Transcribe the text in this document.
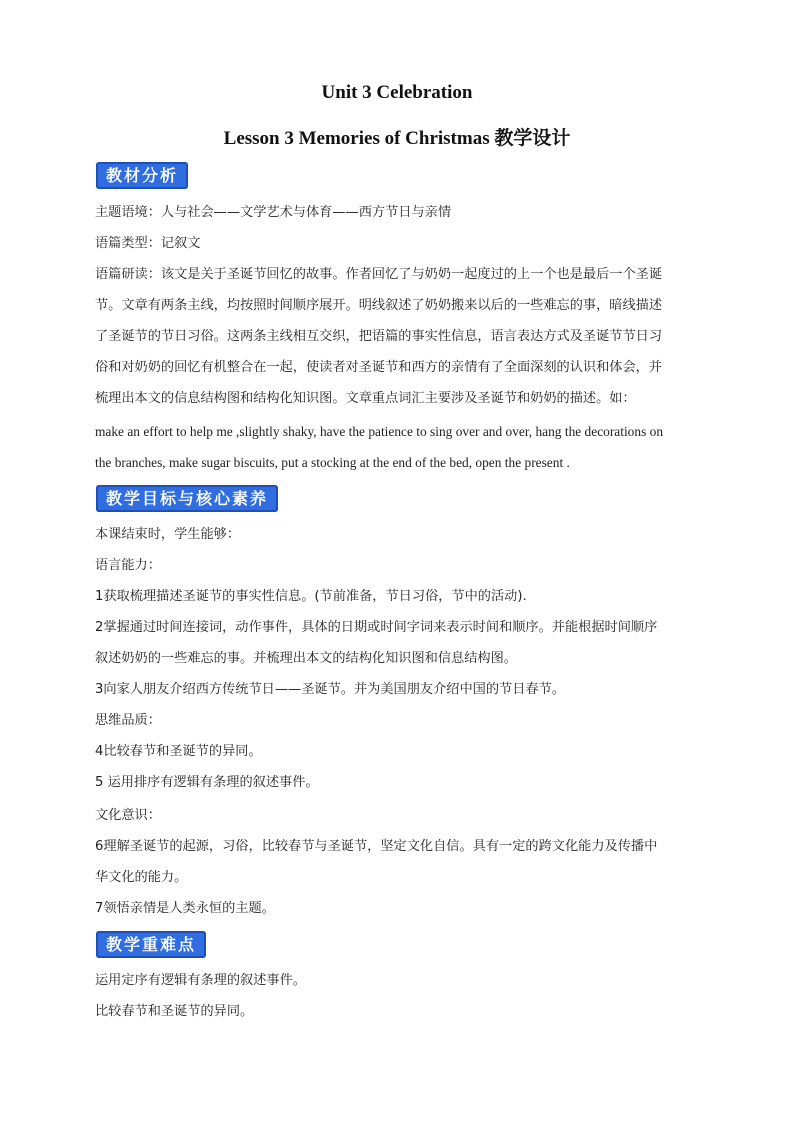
Unit 3 Celebration
Lesson 3 Memories of Christmas 教学设计
教材分析
主题语境：人与社会——文学艺术与体育——西方节日与亲情
语篇类型：记叙文
语篇研读：该文是关于圣诞节回忆的故事。作者回忆了与奶奶一起度过的上一个也是最后一个圣诞
节。文章有两条主线，均按照时间顺序展开。明线叙述了奶奶搬来以后的一些难忘的事，暗线描述
了圣诞节的节日习俗。这两条主线相互交织，把语篇的事实性信息，语言表达方式及圣诞节节日习
俗和对奶奶的回忆有机整合在一起，使读者对圣诞节和西方的亲情有了全面深刻的认识和体会，并
梳理出本文的信息结构图和结构化知识图。文章重点词汇主要涉及圣诞节和奶奶的描述。如：
make an effort to help me ,slightly shaky, have the patience to sing over and over, hang the decorations on
the branches, make sugar biscuits, put a stocking at the end of the bed, open the present .
教学目标与核心素养
本课结束时，学生能够：
语言能力：
1获取梳理描述圣诞节的事实性信息。(节前准备，节日习俗，节中的活动).
2掌握通过时间连接词，动作事件，具体的日期或时间字词来表示时间和顺序。并能根据时间顺序
叙述奶奶的一些难忘的事。并梳理出本文的结构化知识图和信息结构图。
3向家人朋友介绍西方传统节日——圣诞节。并为美国朋友介绍中国的节日春节。
思维品质：
4比较春节和圣诞节的异同。
5 运用排序有逻辑有条理的叙述事件。
文化意识：
6理解圣诞节的起源，习俗，比较春节与圣诞节，坚定文化自信。具有一定的跨文化能力及传播中
华文化的能力。
7领悟亲情是人类永恒的主题。
教学重难点
运用定序有逻辑有条理的叙述事件。
比较春节和圣诞节的异同。
